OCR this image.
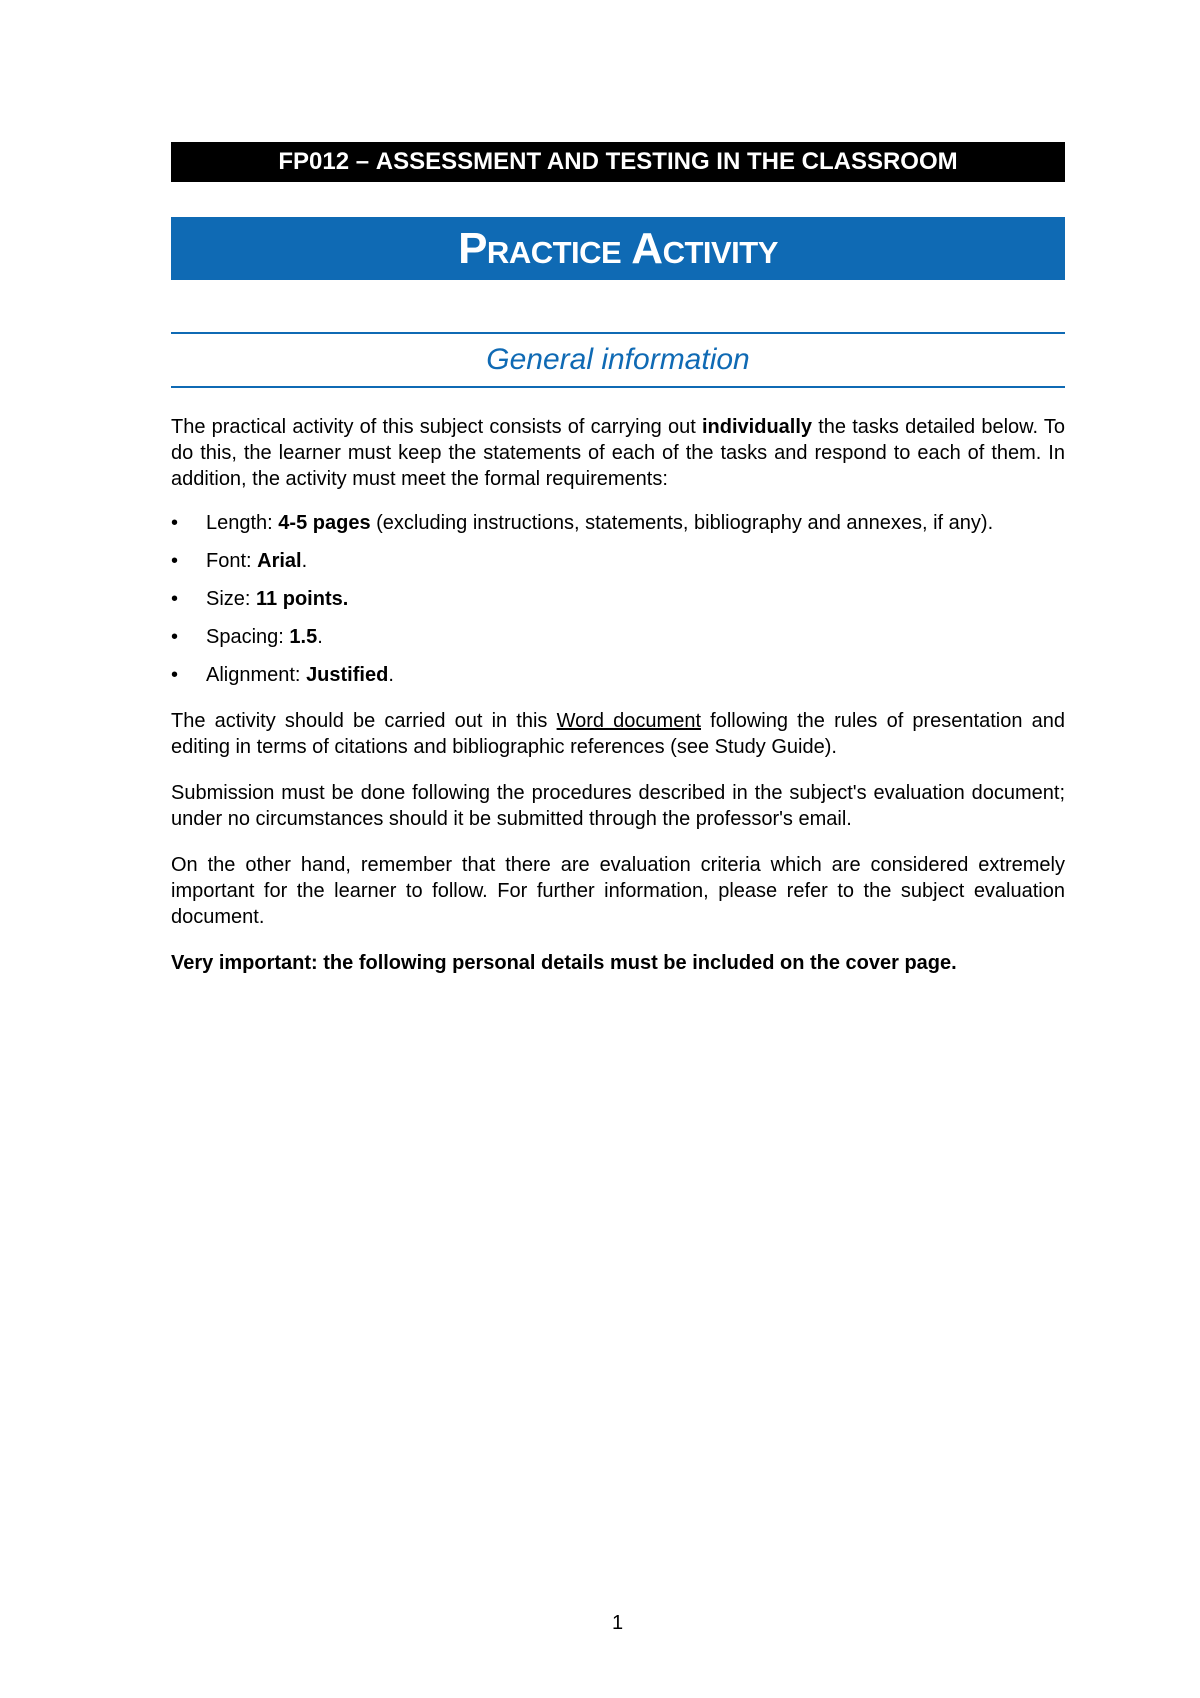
FP012 – ASSESSMENT AND TESTING IN THE CLASSROOM
Practice Activity
General information

The practical activity of this subject consists of carrying out individually the tasks detailed below. To do this, the learner must keep the statements of each of the tasks and respond to each of them. In addition, the activity must meet the formal requirements:

• Length: 4-5 pages (excluding instructions, statements, bibliography and annexes, if any).
• Font: Arial.
• Size: 11 points.
• Spacing: 1.5.
• Alignment: Justified.

The activity should be carried out in this Word document following the rules of presentation and editing in terms of citations and bibliographic references (see Study Guide).

Submission must be done following the procedures described in the subject's evaluation document; under no circumstances should it be submitted through the professor's email.

On the other hand, remember that there are evaluation criteria which are considered extremely important for the learner to follow. For further information, please refer to the subject evaluation document.

Very important: the following personal details must be included on the cover page.

1
